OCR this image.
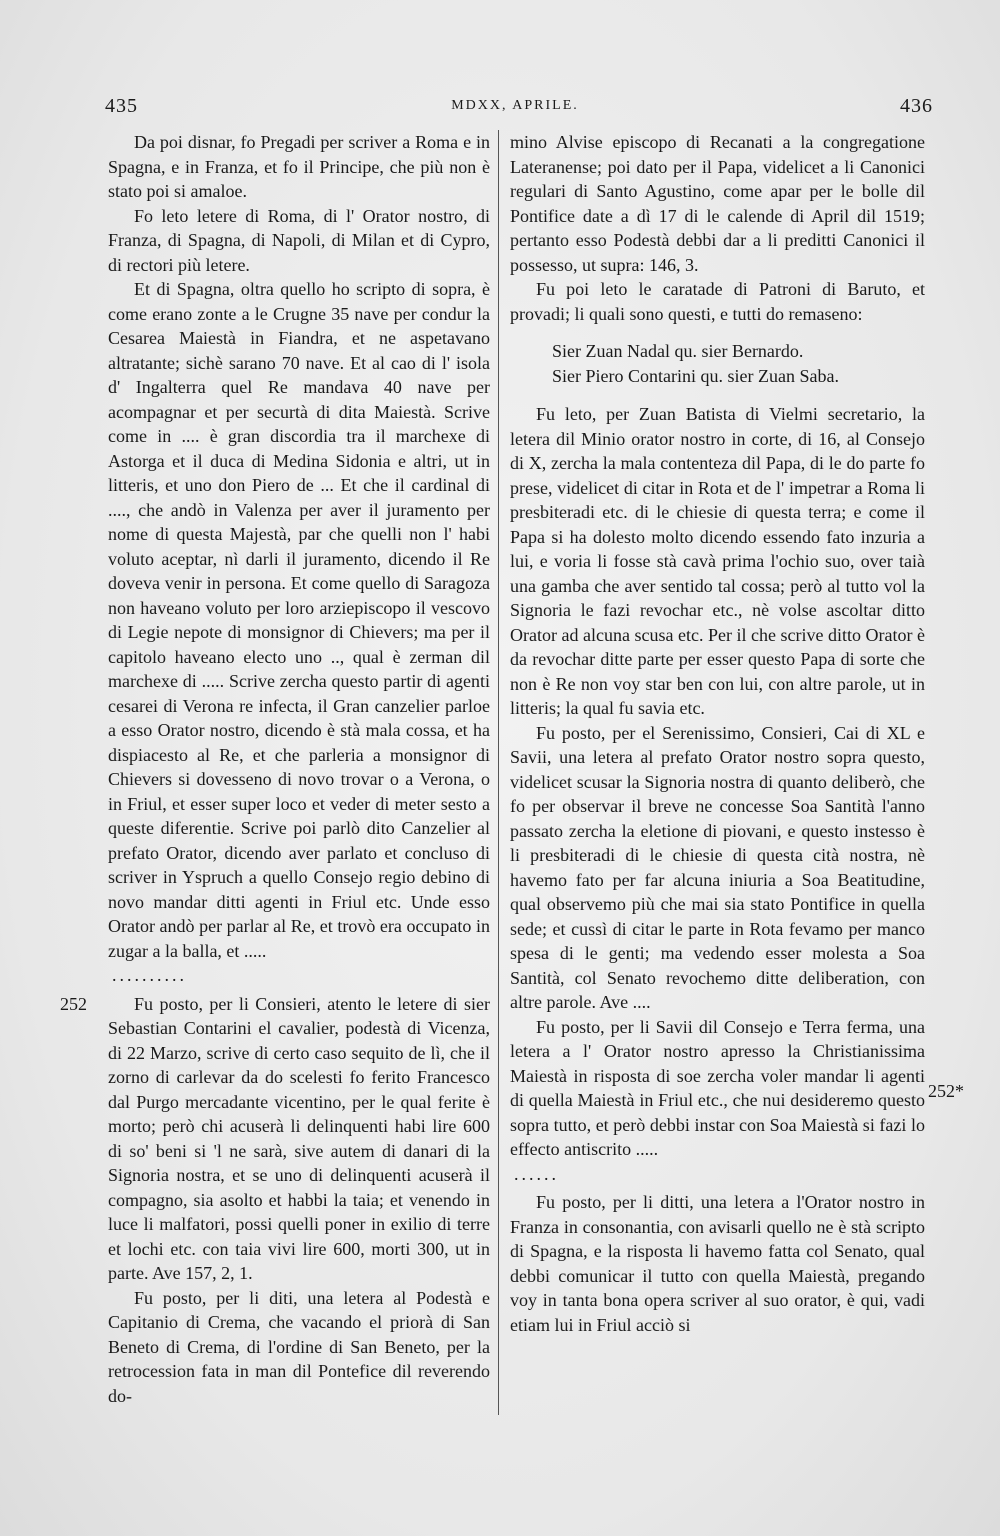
435	MDXX, APRILE.	436

Da poi disnar, fo Pregadi per scriver a Roma e in Spagna, e in Franza, et fo il Principe, che più non è stato poi si amaloe.

Fo leto letere di Roma, di l' Orator nostro, di Franza, di Spagna, di Napoli, di Milan et di Cypro, di rectori più letere.

Et di Spagna, oltra quello ho scripto di sopra, è come erano zonte a le Crugne 35 nave per condur la Cesarea Maiestà in Fiandra, et ne aspetavano altratante; sichè sarano 70 nave. Et al cao di l' isola d' Ingalterra quel Re mandava 40 nave per acompagnar et per securtà di dita Maiestà. Scrive come in .... è gran discordia tra il marchexe di Astorga et il duca di Medina Sidonia e altri, ut in litteris, et uno don Piero de ... Et che il cardinal di ...., che andò in Valenza per aver il juramento per nome di questa Majestà, par che quelli non l' habi voluto aceptar, nì darli il juramento, dicendo il Re doveva venir in persona. Et come quello di Saragoza non haveano voluto per loro arziepiscopo il vescovo di Legie nepote di monsignor di Chievers; ma per il capitolo haveano electo uno .., qual è zerman dil marchexe di ..... Scrive zercha questo partir di agenti cesarei di Verona re infecta, il Gran canzelier parloe a esso Orator nostro, dicendo è stà mala cossa, et ha dispiacesto al Re, et che parleria a monsignor di Chievers si dovesseno di novo trovar o a Verona, o in Friul, et esser super loco et veder di meter sesto a queste diferentie. Scrive poi parlò dito Canzelier al prefato Orator, dicendo aver parlato et concluso di scriver in Yspruch a quello Consejo regio debino di novo mandar ditti agenti in Friul etc. Unde esso Orator andò per parlar al Re, et trovò era occupato in zugar a la balla, et .....

..........

Fu posto, per li Consieri, atento le letere di sier Sebastian Contarini el cavalier, podestà di Vicenza, di 22 Marzo, scrive di certo caso sequito de lì, che il zorno di carlevar da do scelesti fo ferito Francesco dal Purgo mercadante vicentino, per le qual ferite è morto; però chi acuserà li delinquenti habi lire 600 di so' beni si 'l ne sarà, sive autem di danari di la Signoria nostra, et se uno di delinquenti acuserà il compagno, sia asolto et habbi la taia; et venendo in luce li malfatori, possi quelli poner in exilio di terre et lochi etc. con taia vivi lire 600, morti 300, ut in parte. Ave 157, 2, 1.

Fu posto, per li diti, una letera al Podestà e Capitanio di Crema, che vacando el priorà di San Beneto di Crema, di l'ordine di San Beneto, per la retrocession fata in man dil Pontefice dil reverendo do-

mino Alvise episcopo di Recanati a la congregatione Lateranense; poi dato per il Papa, videlicet a li Canonici regulari di Santo Agustino, come apar per le bolle dil Pontifice date a dì 17 di le calende di April dil 1519; pertanto esso Podestà debbi dar a li preditti Canonici il possesso, ut supra: 146, 3.

Fu poi leto le caratade di Patroni di Baruto, et provadi; li quali sono questi, e tutti do remaseno:

Sier Zuan Nadal qu. sier Bernardo.
Sier Piero Contarini qu. sier Zuan Saba.

Fu leto, per Zuan Batista di Vielmi secretario, la letera dil Minio orator nostro in corte, di 16, al Consejo di X, zercha la mala contenteza dil Papa, di le do parte fo prese, videlicet di citar in Rota et de l' impetrar a Roma li presbiteradi etc. di le chiesie di questa terra; e come il Papa si ha dolesto molto dicendo essendo fato inzuria a lui, e voria li fosse stà cavà prima l'ochio suo, over taià una gamba che aver sentido tal cossa; però al tutto vol la Signoria le fazi revochar etc., nè volse ascoltar ditto Orator ad alcuna scusa etc. Per il che scrive ditto Orator è da revochar ditte parte per esser questo Papa di sorte che non è Re non voy star ben con lui, con altre parole, ut in litteris; la qual fu savia etc.

Fu posto, per el Serenissimo, Consieri, Cai di XL e Savii, una letera al prefato Orator nostro sopra questo, videlicet scusar la Signoria nostra di quanto deliberò, che fo per observar il breve ne concesse Soa Santità l'anno passato zercha la eletione di piovani, e questo instesso è li presbiteradi di le chiesie di questa cità nostra, nè havemo fato per far alcuna iniuria a Soa Beatitudine, qual observemo più che mai sia stato Pontifice in quella sede; et cussì di citar le parte in Rota fevamo per manco spesa di le genti; ma vedendo esser molesta a Soa Santità, col Senato revochemo ditte deliberation, con altre parole. Ave ....

Fu posto, per li Savii dil Consejo e Terra ferma, una letera a l' Orator nostro apresso la Christianissima Maiestà in risposta di soe zercha voler mandar li agenti di quella Maiestà in Friul etc., che nui desideremo questo sopra tutto, et però debbi instar con Soa Maiestà si fazi lo effecto antiscrito .....

......

Fu posto, per li ditti, una letera a l'Orator nostro in Franza in consonantia, con avisarli quello ne è stà scripto di Spagna, e la risposta li havemo fatta col Senato, qual debbi comunicar il tutto con quella Maiestà, pregando voy in tanta bona opera scriver al suo orator, è qui, vadi etiam lui in Friul acciò si

252
252*
